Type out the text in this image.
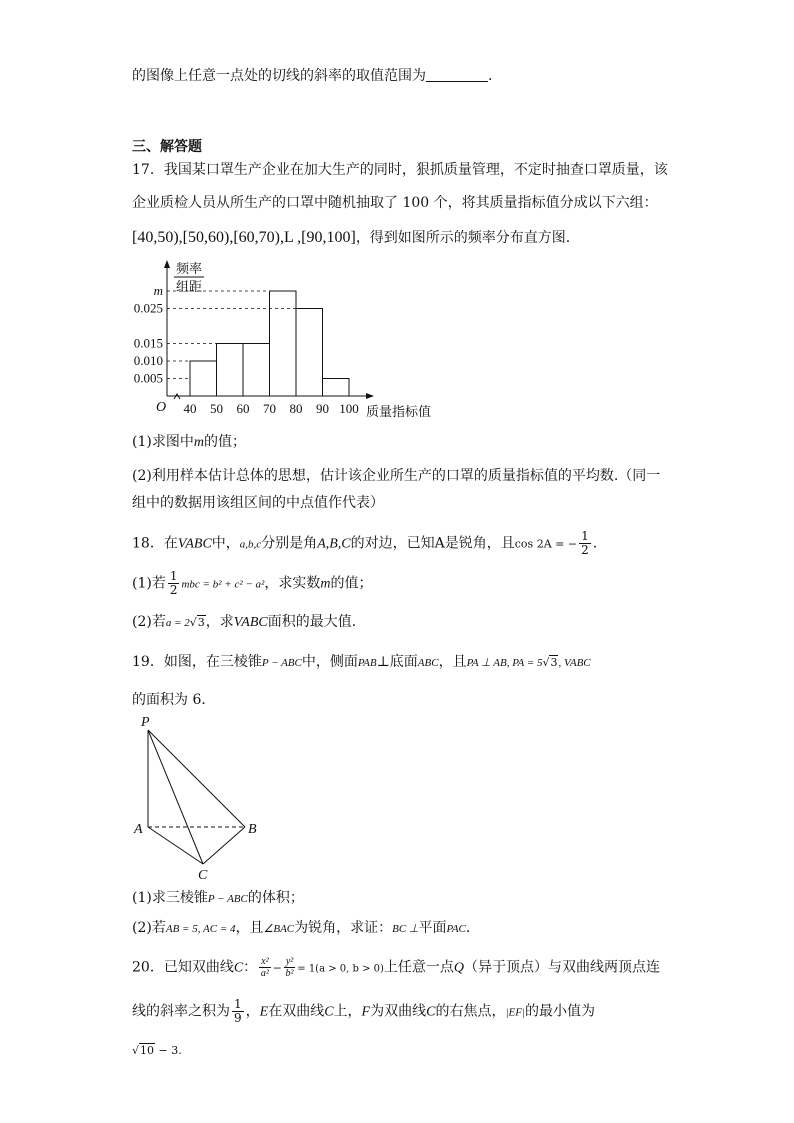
的图像上任意一点处的切线的斜率的取值范围为	.
三、解答题
17．我国某口罩生产企业在加大生产的同时，狠抓质量管理，不定时抽查口罩质量，该
企业质检人员从所生产的口罩中随机抽取了 100 个，将其质量指标值分成以下六组：
[40,50),[50,60),[60,70),L ,[90,100]，得到如图所示的频率分布直方图.
频率
组距
O	质量指标值
m
0.025
0.015
0.010
0.005
40 50 60 70 80 90 100
(1)求图中m的值；
(2)利用样本估计总体的思想，估计该企业所生产的口罩的质量指标值的平均数.（同一
组中的数据用该组区间的中点值作代表）
18．在VABC中，a,b,c分别是角A,B,C的对边，已知A是锐角，且cos 2A = − $\frac{1}{2}$ .
(1)若 $\frac{1}{2}$ mbc = b² + c² − a²，求实数m的值；
(2)若a = 2√3，求VABC面积的最大值．
19．如图，在三棱锥P − ABC中，侧面PAB⊥底面ABC，且PA ⊥ AB, PA = 5√3, VABC
的面积为 6．
P
A	B
C
(1)求三棱锥P − ABC的体积；
(2)若AB = 5, AC = 4，且∠BAC为锐角，求证：BC ⊥平面PAC．
20．已知双曲线C： $\frac{\text{x²}}{\text{a²}} - \frac{\text{y²}}{\text{b²}} = 1(a > 0$, b > 0)上任意一点Q（异于顶点）与双曲线两顶点连
线的斜率之积为 $\frac{1}{9}$ ，E在双曲线C上，F为双曲线C的右焦点，|EF|的最小值为
√10 − 3.
